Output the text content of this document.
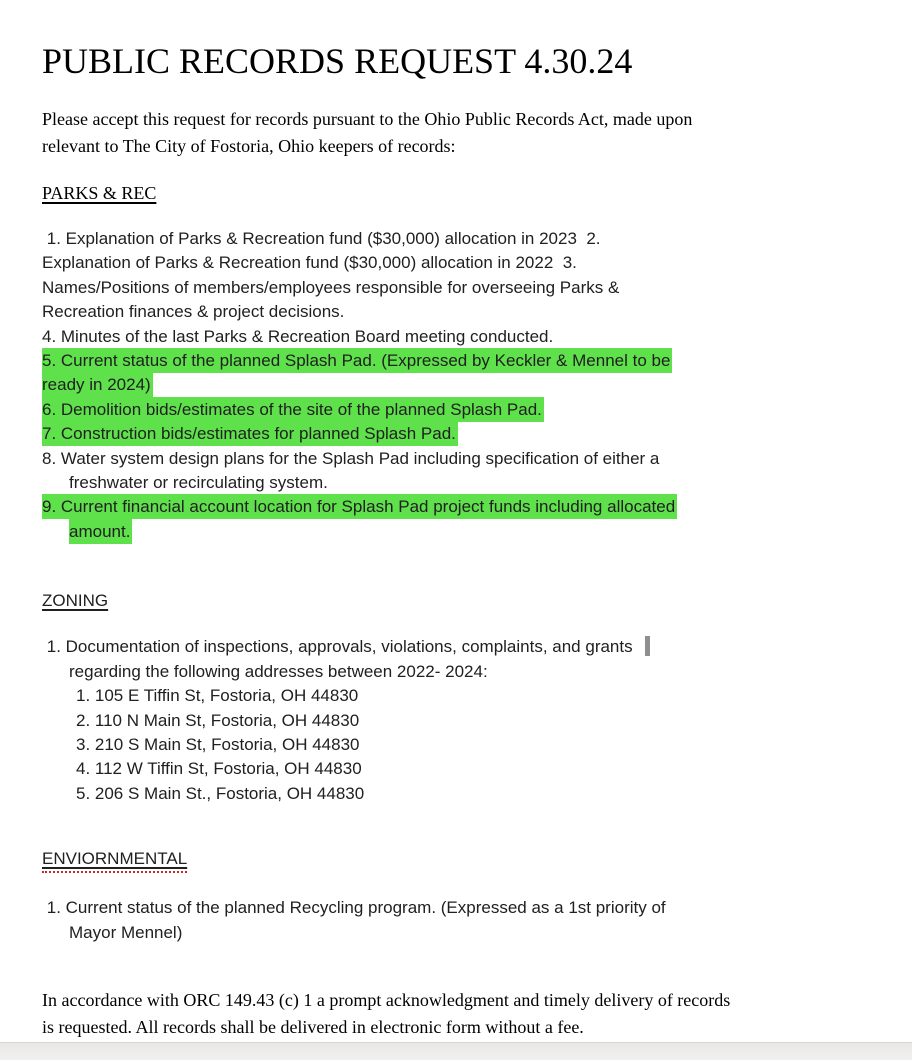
PUBLIC RECORDS REQUEST 4.30.24
Please accept this request for records pursuant to the Ohio Public Records Act, made upon
relevant to The City of Fostoria, Ohio keepers of records:
PARKS & REC
1. Explanation of Parks & Recreation fund ($30,000) allocation in 2023  2.
Explanation of Parks & Recreation fund ($30,000) allocation in 2022  3.
Names/Positions of members/employees responsible for overseeing Parks &
Recreation finances & project decisions.
4. Minutes of the last Parks & Recreation Board meeting conducted.
5. Current status of the planned Splash Pad. (Expressed by Keckler & Mennel to be
ready in 2024)
6. Demolition bids/estimates of the site of the planned Splash Pad.
7. Construction bids/estimates for planned Splash Pad.
8. Water system design plans for the Splash Pad including specification of either a
freshwater or recirculating system.
9. Current financial account location for Splash Pad project funds including allocated
amount.
ZONING
1. Documentation of inspections, approvals, violations, complaints, and grants
regarding the following addresses between 2022- 2024:
1. 105 E Tiffin St, Fostoria, OH 44830
2. 110 N Main St, Fostoria, OH 44830
3. 210 S Main St, Fostoria, OH 44830
4. 112 W Tiffin St, Fostoria, OH 44830
5. 206 S Main St., Fostoria, OH 44830
ENVIORNMENTAL
1. Current status of the planned Recycling program. (Expressed as a 1st priority of
Mayor Mennel)
In accordance with ORC 149.43 (c) 1 a prompt acknowledgment and timely delivery of records
is requested. All records shall be delivered in electronic form without a fee.
